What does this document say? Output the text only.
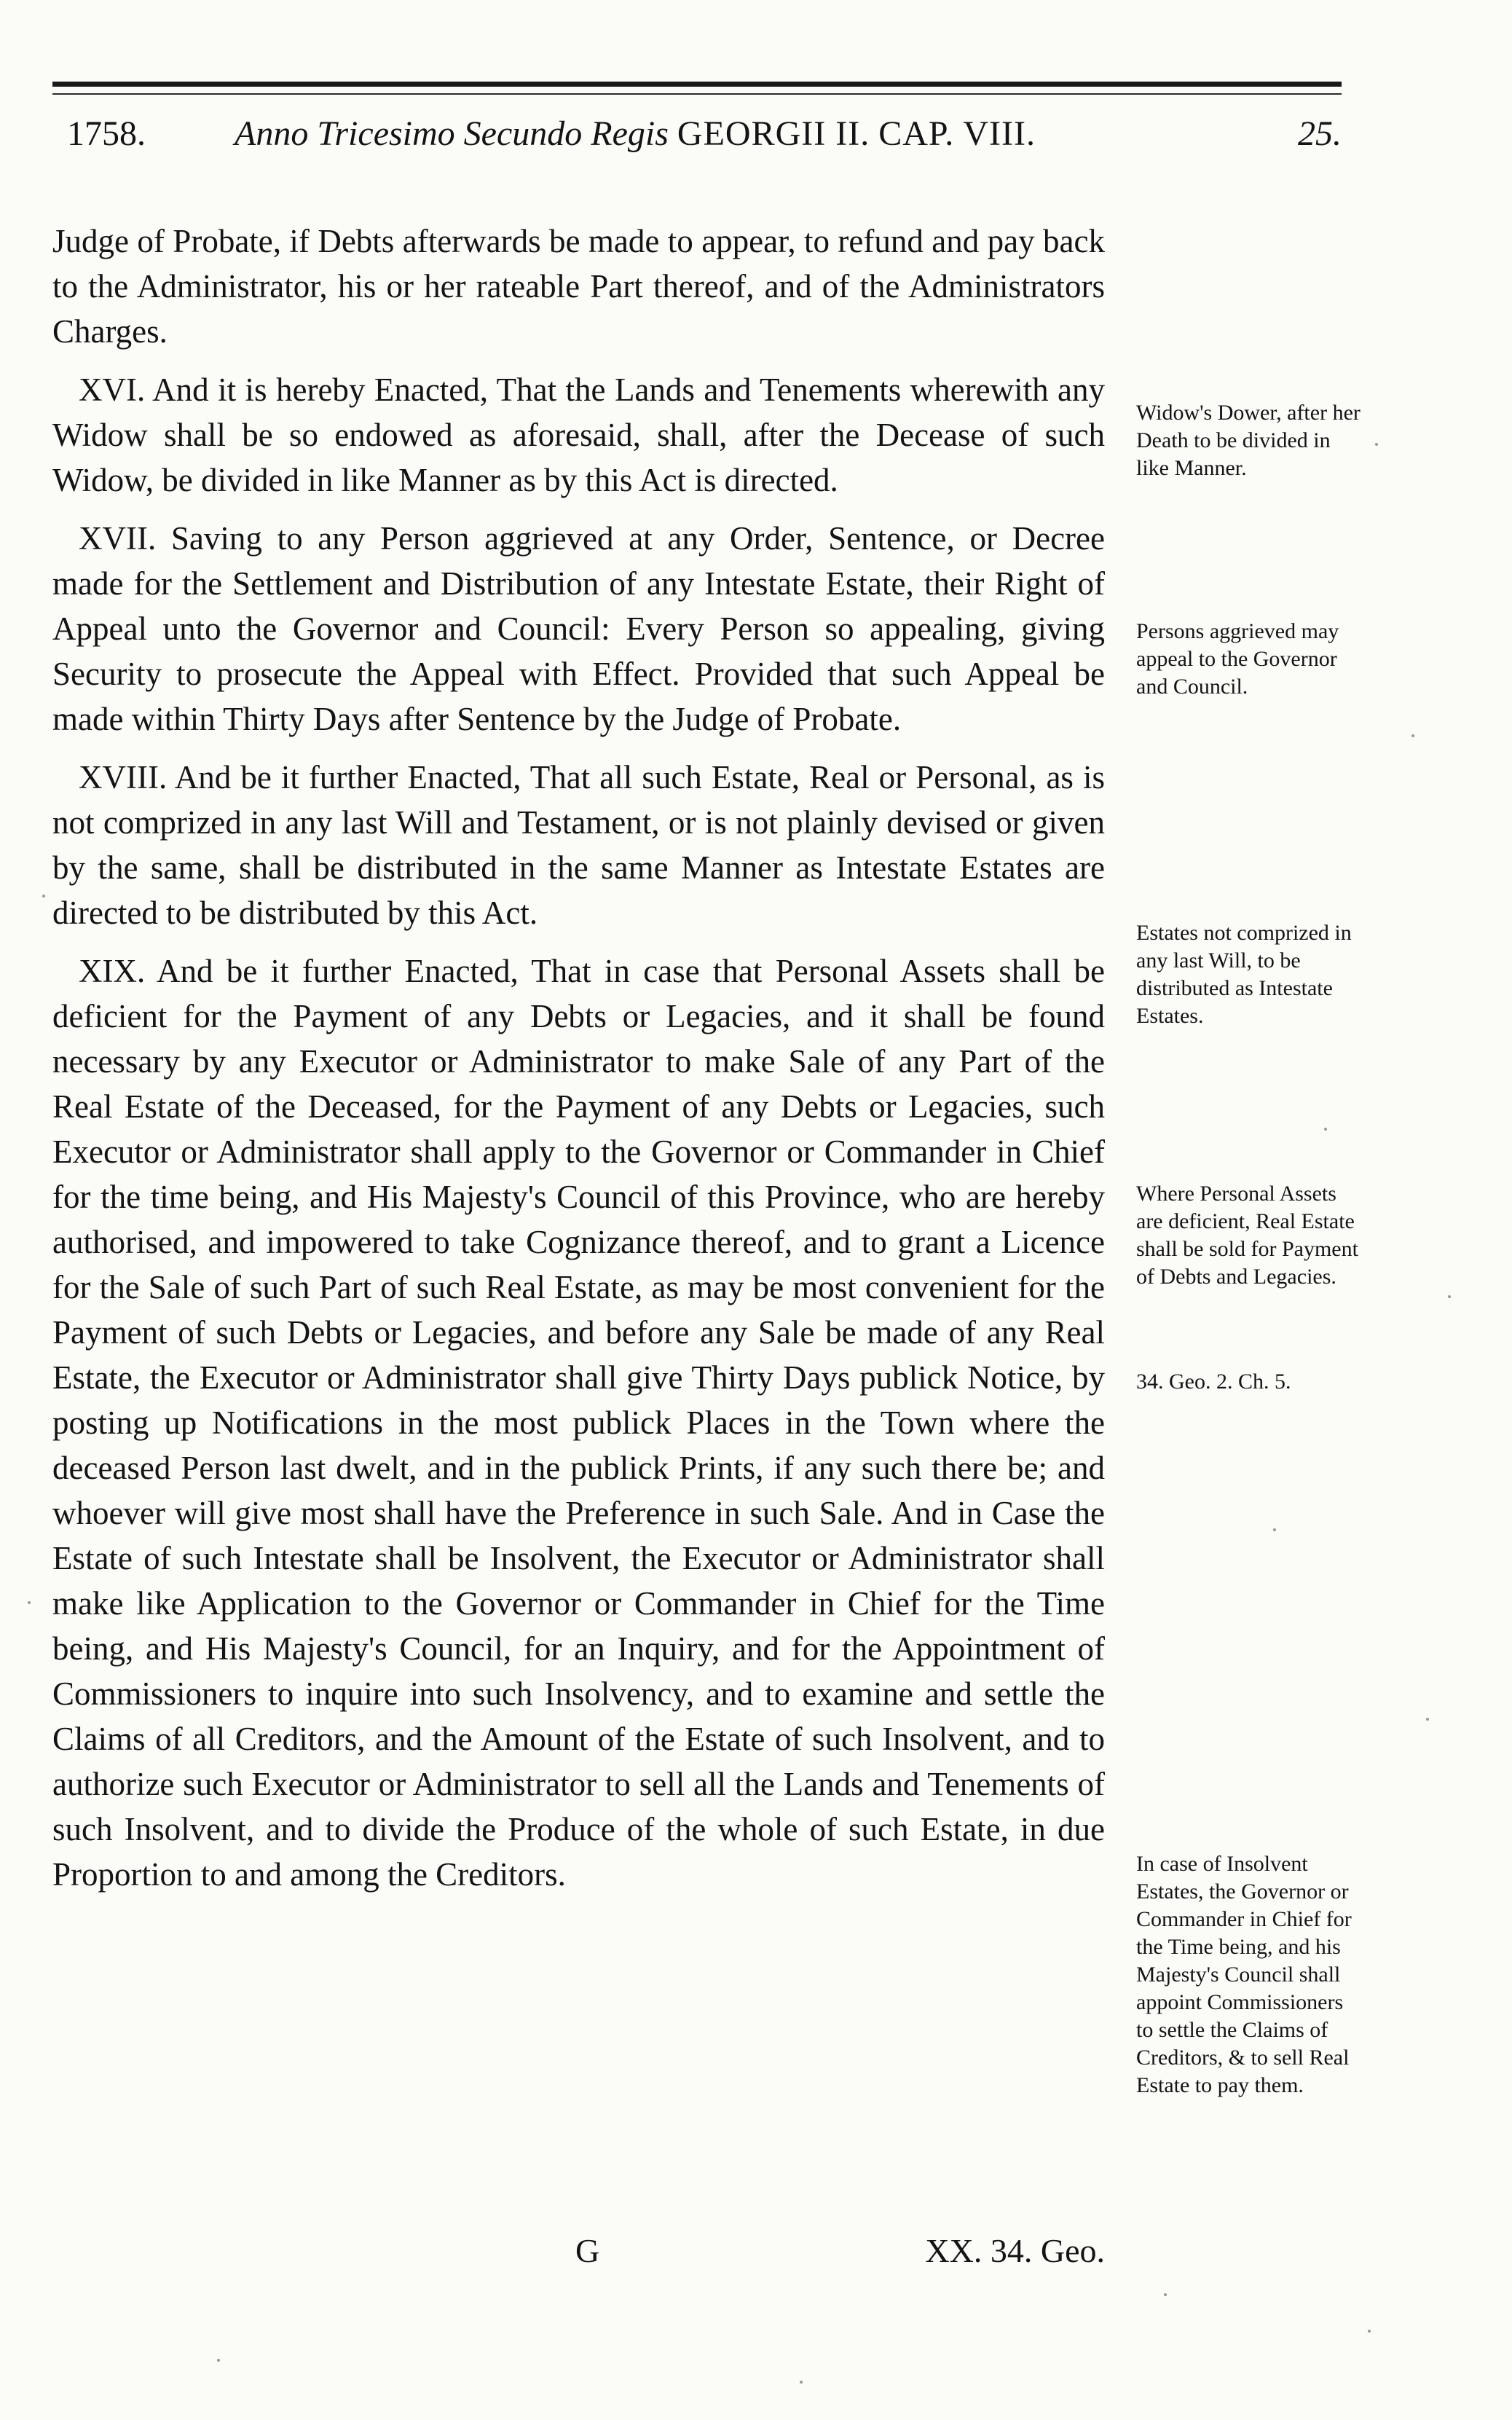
1758.	Anno Tricesimo Secundo Regis GEORGII II. CAP. VIII.	25.

Judge of Probate, if Debts afterwards be made to appear, to refund and pay back to the Administrator, his or her rateable Part thereof, and of the Administrators Charges.

XVI. And it is hereby Enacted, That the Lands and Tenements wherewith any Widow shall be so endowed as aforesaid, shall, after the Decease of such Widow, be divided in like Manner as by this Act is directed.

XVII. Saving to any Person aggrieved at any Order, Sentence, or Decree made for the Settlement and Distribution of any Intestate Estate, their Right of Appeal unto the Governor and Council: Every Person so appealing, giving Security to prosecute the Appeal with Effect. Provided that such Appeal be made within Thirty Days after Sentence by the Judge of Probate.

XVIII. And be it further Enacted, That all such Estate, Real or Personal, as is not comprized in any last Will and Testament, or is not plainly devised or given by the same, shall be distributed in the same Manner as Intestate Estates are directed to be distributed by this Act.

XIX. And be it further Enacted, That in case that Personal Assets shall be deficient for the Payment of any Debts or Legacies, and it shall be found necessary by any Executor or Administrator to make Sale of any Part of the Real Estate of the Deceased, for the Payment of any Debts or Legacies, such Executor or Administrator shall apply to the Governor or Commander in Chief for the time being, and His Majesty's Council of this Province, who are hereby authorised, and impowered to take Cognizance thereof, and to grant a Licence for the Sale of such Part of such Real Estate, as may be most convenient for the Payment of such Debts or Legacies, and before any Sale be made of any Real Estate, the Executor or Administrator shall give Thirty Days publick Notice, by posting up Notifications in the most publick Places in the Town where the deceased Person last dwelt, and in the publick Prints, if any such there be; and whoever will give most shall have the Preference in such Sale. And in Case the Estate of such Intestate shall be Insolvent, the Executor or Administrator shall make like Application to the Governor or Commander in Chief for the Time being, and His Majesty's Council, for an Inquiry, and for the Appointment of Commissioners to inquire into such Insolvency, and to examine and settle the Claims of all Creditors, and the Amount of the Estate of such Insolvent, and to authorize such Executor or Administrator to sell all the Lands and Tenements of such Insolvent, and to divide the Produce of the whole of such Estate, in due Proportion to and among the Creditors.

Widow's Dower, after her Death to be divided in like Manner.
Persons aggrieved may appeal to the Governor and Council.
Estates not comprized in any last Will, to be distributed as Intestate Estates.
Where Personal Assets are deficient, Real Estate shall be sold for Payment of Debts and Legacies.
34. Geo. 2. Ch. 5.
In case of Insolvent Estates, the Governor or Commander in Chief for the Time being, and his Majesty's Council shall appoint Commissioners to settle the Claims of Creditors, & to sell Real Estate to pay them.
G	XX. 34. Geo.
